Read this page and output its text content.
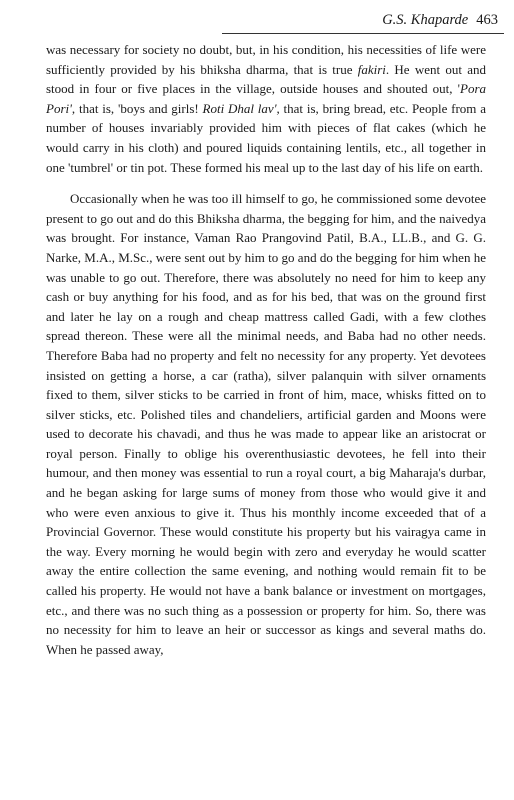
G.S. Khaparde 463

was necessary for society no doubt, but, in his condition, his necessities of life were sufficiently provided by his bhiksha dharma, that is true fakiri. He went out and stood in four or five places in the village, outside houses and shouted out, 'Pora Pori', that is, 'boys and girls! Roti Dhal lav', that is, bring bread, etc. People from a number of houses invariably provided him with pieces of flat cakes (which he would carry in his cloth) and poured liquids containing lentils, etc., all together in one 'tumbrel' or tin pot. These formed his meal up to the last day of his life on earth.

Occasionally when he was too ill himself to go, he commissioned some devotee present to go out and do this Bhiksha dharma, the begging for him, and the naivedya was brought. For instance, Vaman Rao Prangovind Patil, B.A., LL.B., and G. G. Narke, M.A., M.Sc., were sent out by him to go and do the begging for him when he was unable to go out. Therefore, there was absolutely no need for him to keep any cash or buy anything for his food, and as for his bed, that was on the ground first and later he lay on a rough and cheap mattress called Gadi, with a few clothes spread thereon. These were all the minimal needs, and Baba had no other needs. Therefore Baba had no property and felt no necessity for any property. Yet devotees insisted on getting a horse, a car (ratha), silver palanquin with silver ornaments fixed to them, silver sticks to be carried in front of him, mace, whisks fitted on to silver sticks, etc. Polished tiles and chandeliers, artificial garden and Moons were used to decorate his chavadi, and thus he was made to appear like an aristocrat or royal person. Finally to oblige his overenthusiastic devotees, he fell into their humour, and then money was essential to run a royal court, a big Maharaja's durbar, and he began asking for large sums of money from those who would give it and who were even anxious to give it. Thus his monthly income exceeded that of a Provincial Governor. These would constitute his property but his vairagya came in the way. Every morning he would begin with zero and everyday he would scatter away the entire collection the same evening, and nothing would remain fit to be called his property. He would not have a bank balance or investment on mortgages, etc., and there was no such thing as a possession or property for him. So, there was no necessity for him to leave an heir or successor as kings and several maths do. When he passed away,
